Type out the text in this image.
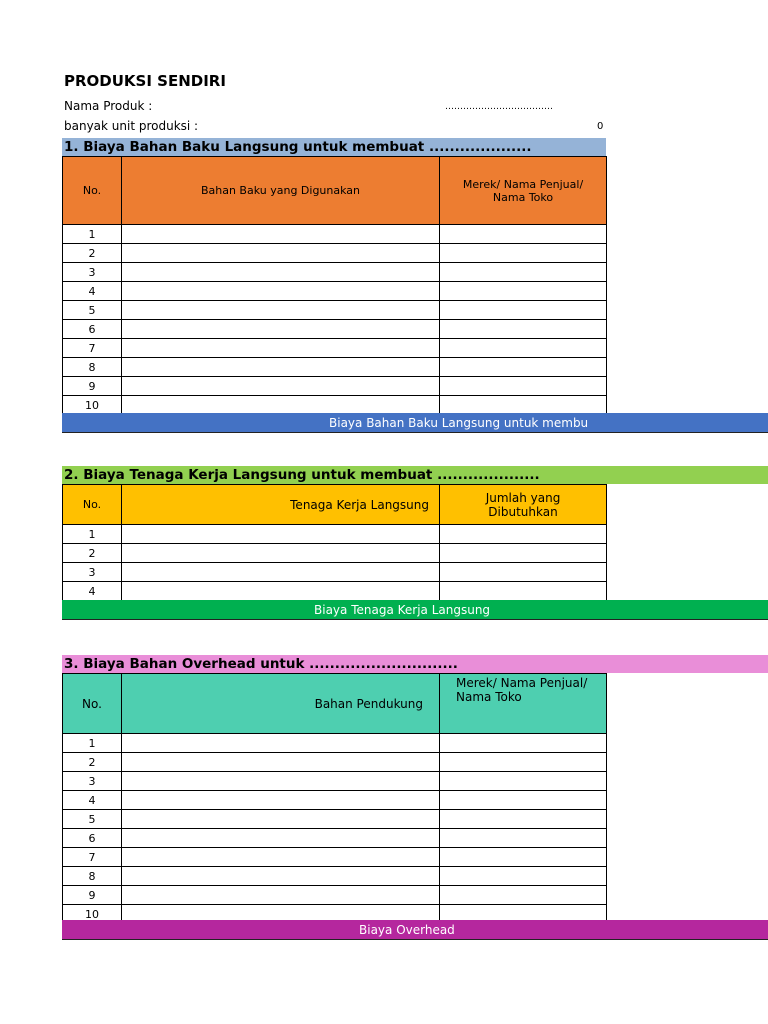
PRODUKSI SENDIRI
Nama Produk :	………………………………
banyak unit produksi :	0
1. Biaya Bahan Baku Langsung untuk membuat ....................
No.	Bahan Baku yang Digunakan	Merek/ Nama Penjual/ Nama Toko
1		
2		
3		
4		
5		
6		
7		
8		
9		
10		
Biaya Bahan Baku Langsung untuk membu
2. Biaya Tenaga Kerja Langsung untuk membuat ....................
No.	Tenaga Kerja Langsung	Jumlah yang Dibutuhkan
1		
2		
3		
4		
Biaya Tenaga Kerja Langsung
3. Biaya Bahan Overhead untuk .............................
No.	Bahan Pendukung	Merek/ Nama Penjual/ Nama Toko
1		
2		
3		
4		
5		
6		
7		
8		
9		
10		
Biaya Overhead
